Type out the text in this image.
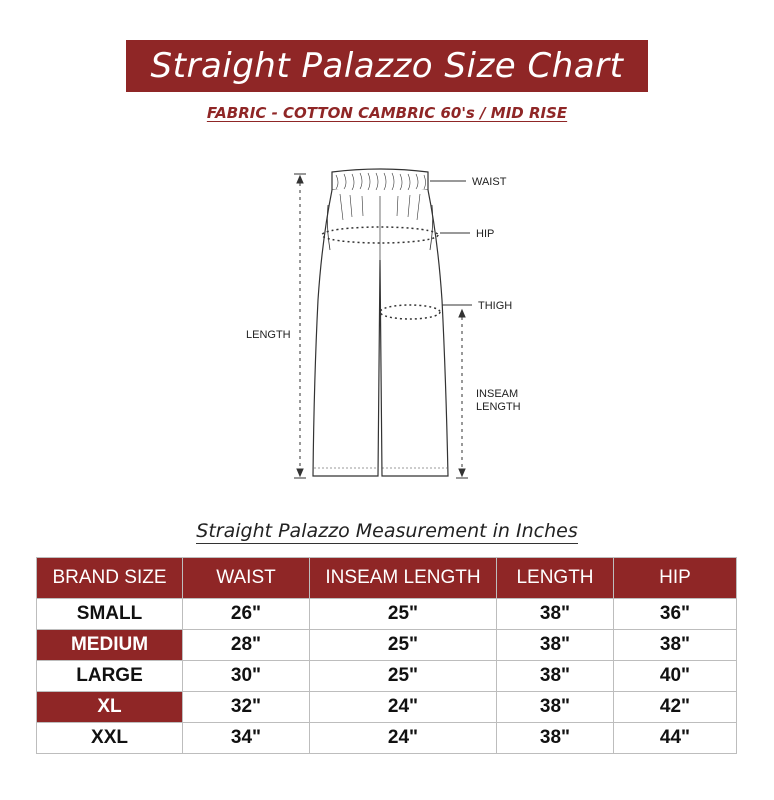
Straight Palazzo Size Chart
FABRIC - COTTON CAMBRIC 60's / MID RISE
WAIST
HIP
THIGH
LENGTH
INSEAM
LENGTH
Straight Palazzo Measurement in Inches
BRAND SIZE	WAIST	INSEAM LENGTH	LENGTH	HIP
SMALL	26"	25"	38"	36"
MEDIUM	28"	25"	38"	38"
LARGE	30"	25"	38"	40"
XL	32"	24"	38"	42"
XXL	34"	24"	38"	44"
